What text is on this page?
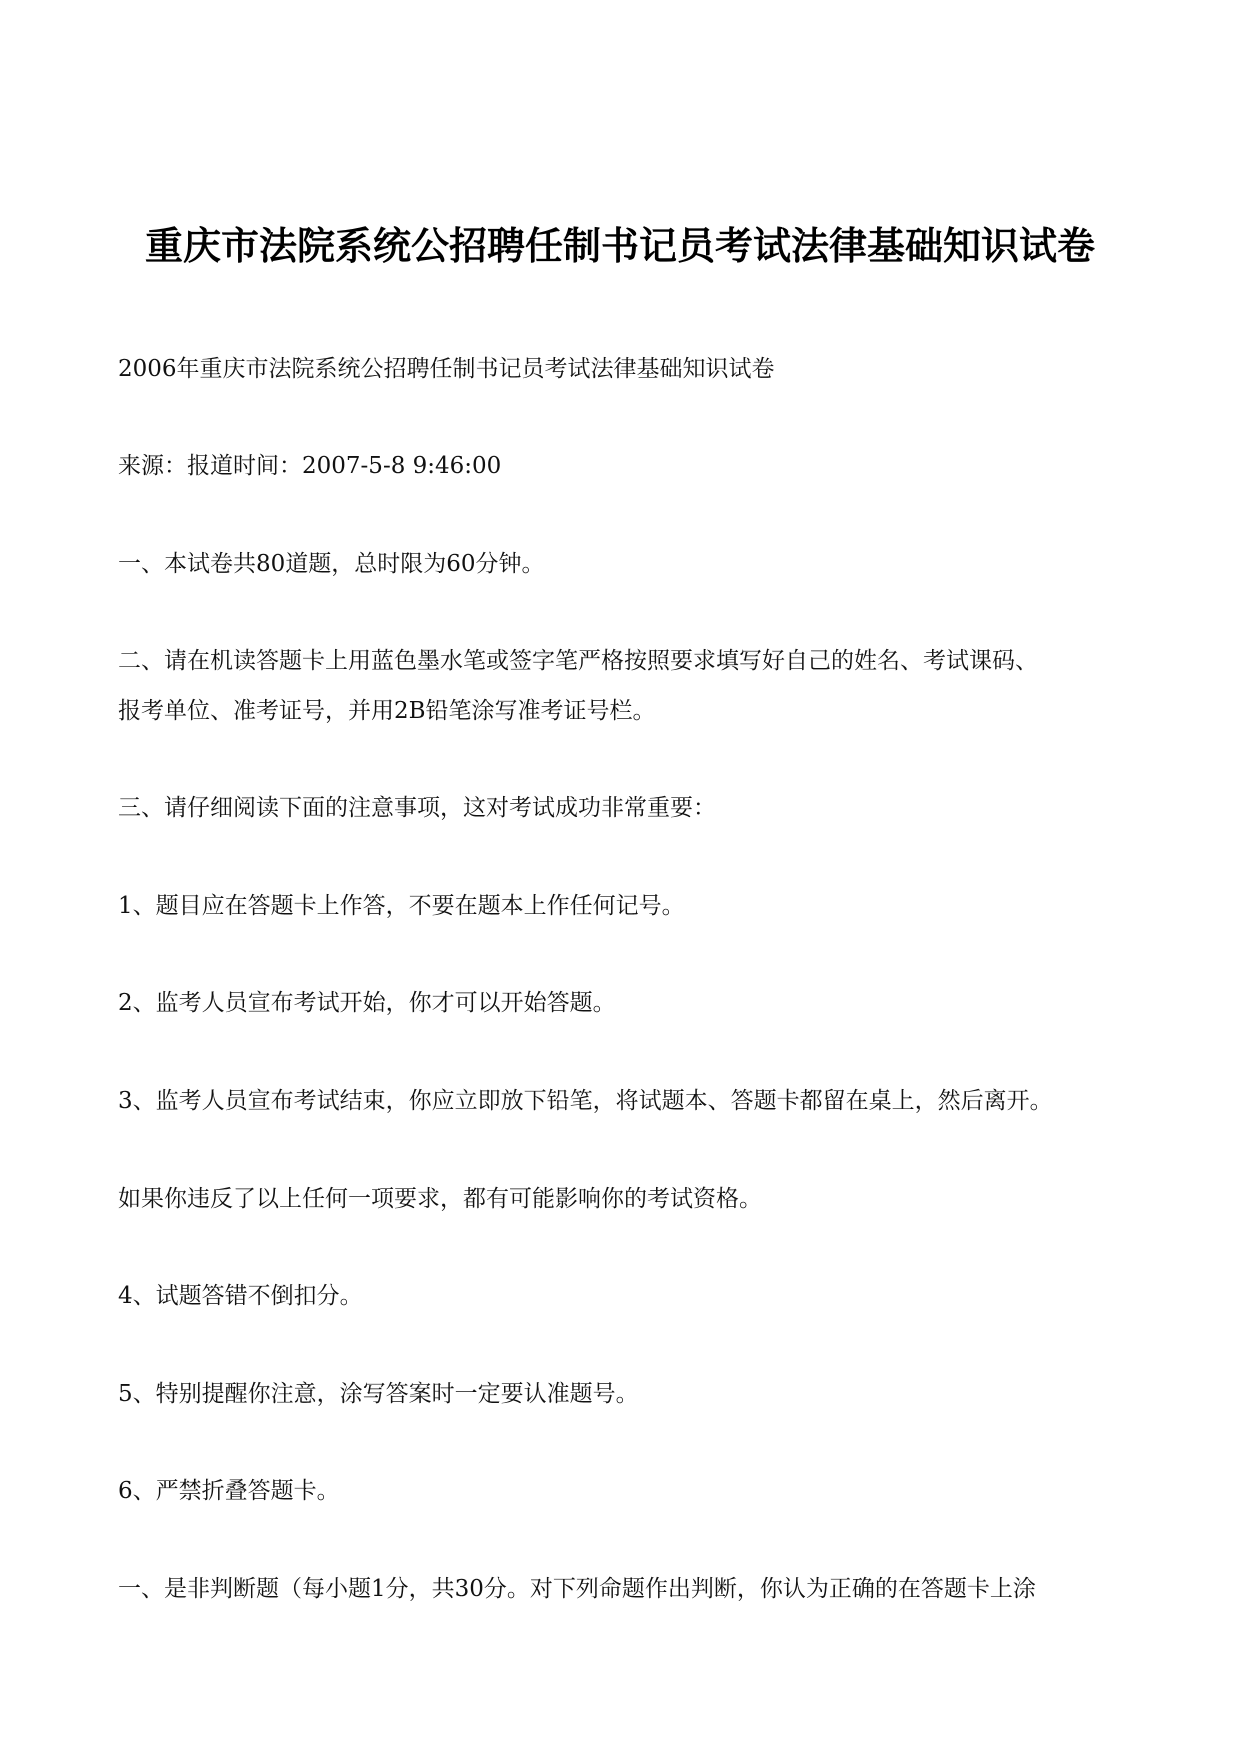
重庆市法院系统公招聘任制书记员考试法律基础知识试卷
2006年重庆市法院系统公招聘任制书记员考试法律基础知识试卷
来源：报道时间：2007-5-8 9:46:00
一、本试卷共80道题，总时限为60分钟。
二、请在机读答题卡上用蓝色墨水笔或签字笔严格按照要求填写好自己的姓名、考试课码、
报考单位、准考证号，并用2B铅笔涂写准考证号栏。
三、请仔细阅读下面的注意事项，这对考试成功非常重要：
1、题目应在答题卡上作答，不要在题本上作任何记号。
2、监考人员宣布考试开始，你才可以开始答题。
3、监考人员宣布考试结束，你应立即放下铅笔，将试题本、答题卡都留在桌上，然后离开。
如果你违反了以上任何一项要求，都有可能影响你的考试资格。
4、试题答错不倒扣分。
5、特别提醒你注意，涂写答案时一定要认准题号。
6、严禁折叠答题卡。
一、是非判断题（每小题1分，共30分。对下列命题作出判断，你认为正确的在答题卡上涂
